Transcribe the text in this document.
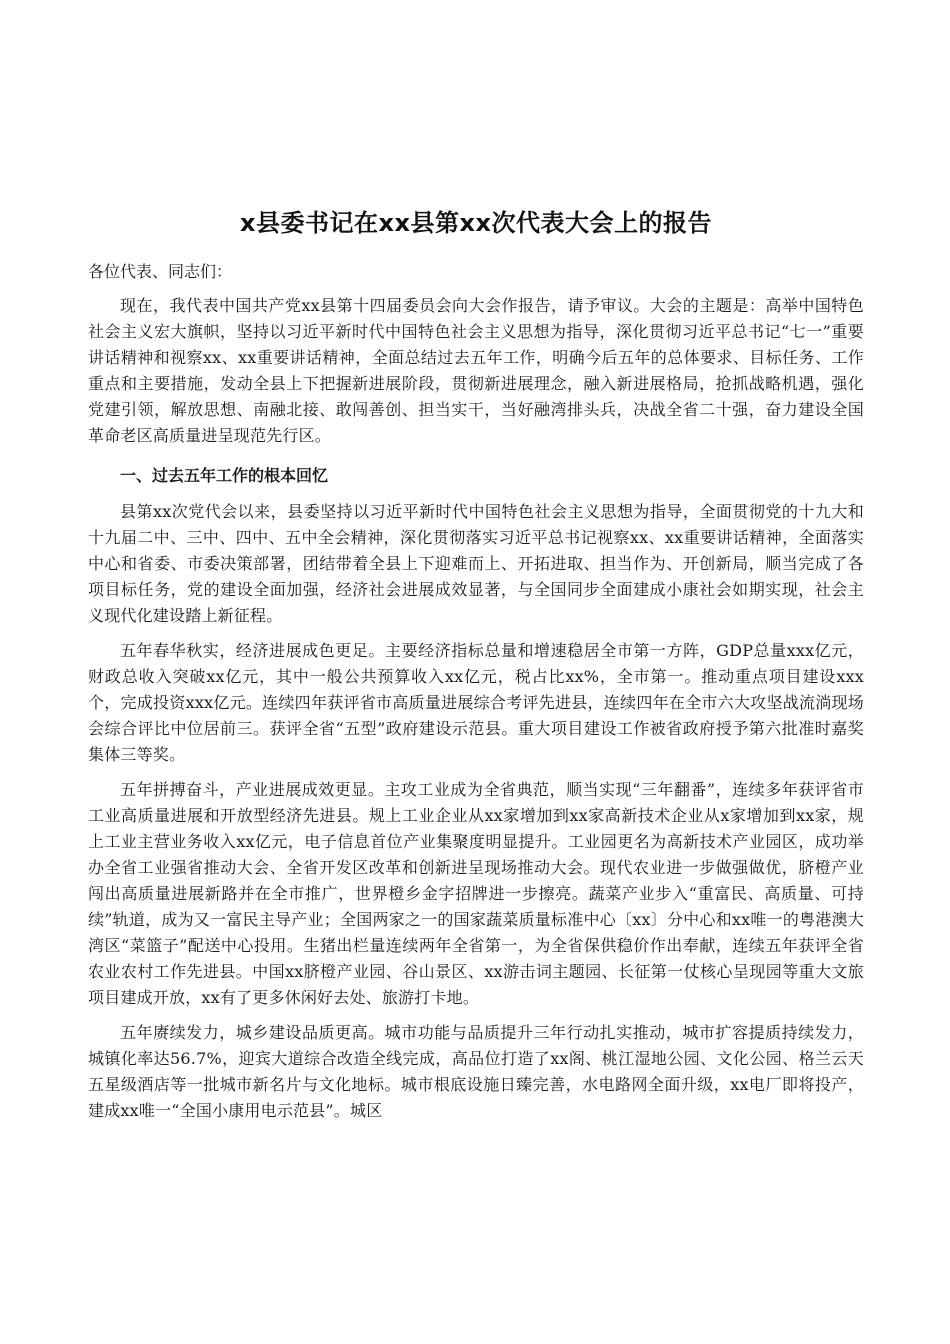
x县委书记在xx县第xx次代表大会上的报告

各位代表、同志们：

现在，我代表中国共产党xx县第十四届委员会向大会作报告，请予审议。大会的主题是：高举中国特色社会主义宏大旗帜，坚持以习近平新时代中国特色社会主义思想为指导，深化贯彻习近平总书记“七一”重要讲话精神和视察xx、xx重要讲话精神，全面总结过去五年工作，明确今后五年的总体要求、目标任务、工作重点和主要措施，发动全县上下把握新进展阶段，贯彻新进展理念，融入新进展格局，抢抓战略机遇，强化党建引领，解放思想、南融北接、敢闯善创、担当实干，当好融湾排头兵，决战全省二十强，奋力建设全国革命老区高质量进呈现范先行区。

一、过去五年工作的根本回忆

县第xx次党代会以来，县委坚持以习近平新时代中国特色社会主义思想为指导，全面贯彻党的十九大和十九届二中、三中、四中、五中全会精神，深化贯彻落实习近平总书记视察xx、xx重要讲话精神，全面落实中心和省委、市委决策部署，团结带着全县上下迎难而上、开拓进取、担当作为、开创新局，顺当完成了各项目标任务，党的建设全面加强，经济社会进展成效显著，与全国同步全面建成小康社会如期实现，社会主义现代化建设踏上新征程。

五年春华秋实，经济进展成色更足。主要经济指标总量和增速稳居全市第一方阵，GDP总量xxx亿元，财政总收入突破xx亿元，其中一般公共预算收入xx亿元，税占比xx%，全市第一。推动重点项目建设xxx个，完成投资xxx亿元。连续四年获评省市高质量进展综合考评先进县，连续四年在全市六大攻坚战流淌现场会综合评比中位居前三。获评全省“五型”政府建设示范县。重大项目建设工作被省政府授予第六批准时嘉奖集体三等奖。

五年拼搏奋斗，产业进展成效更显。主攻工业成为全省典范，顺当实现“三年翻番”，连续多年获评省市工业高质量进展和开放型经济先进县。规上工业企业从xx家增加到xx家高新技术企业从x家增加到xx家，规上工业主营业务收入xx亿元，电子信息首位产业集聚度明显提升。工业园更名为高新技术产业园区，成功举办全省工业强省推动大会、全省开发区改革和创新进呈现场推动大会。现代农业进一步做强做优，脐橙产业闯出高质量进展新路并在全市推广，世界橙乡金字招牌进一步擦亮。蔬菜产业步入“重富民、高质量、可持续”轨道，成为又一富民主导产业；全国两家之一的国家蔬菜质量标准中心〔xx〕分中心和xx唯一的粤港澳大湾区“菜篮子”配送中心投用。生猪出栏量连续两年全省第一，为全省保供稳价作出奉献，连续五年获评全省农业农村工作先进县。中国xx脐橙产业园、谷山景区、xx游击词主题园、长征第一仗核心呈现园等重大文旅项目建成开放，xx有了更多休闲好去处、旅游打卡地。

五年赓续发力，城乡建设品质更高。城市功能与品质提升三年行动扎实推动，城市扩容提质持续发力，城镇化率达56.7%，迎宾大道综合改造全线完成，高品位打造了xx阁、桃江湿地公园、文化公园、格兰云天五星级酒店等一批城市新名片与文化地标。城市根底设施日臻完善，水电路网全面升级，xx电厂即将投产，建成xx唯一“全国小康用电示范县”。城区
